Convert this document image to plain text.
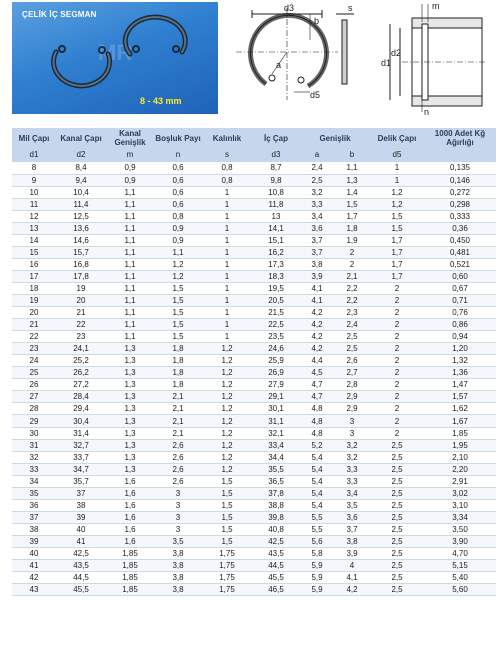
MR
ÇELİK İÇ SEGMAN
8 - 43 mm
d3
b
s
a
d5
m
d1
d2
n
Mil Çapı	Kanal Çapı	Kanal Genişlik	Boşluk Payı	Kalınlık	İç Çap	Genişlik		Delik Çapı	1000 Adet Kğ Ağırlığı
d1	d2	m	n	s	d3	a	b	d5	
8	8,4	0,9	0,6	0,8	8,7	2,4	1,1	1	0,135
9	9,4	0,9	0,6	0,8	9,8	2,5	1,3	1	0,146
10	10,4	1,1	0,6	1	10,8	3,2	1,4	1,2	0,272
11	11,4	1,1	0,6	1	11,8	3,3	1,5	1,2	0,298
12	12,5	1,1	0,8	1	13	3,4	1,7	1,5	0,333
13	13,6	1,1	0,9	1	14,1	3,6	1,8	1,5	0,36
14	14,6	1,1	0,9	1	15,1	3,7	1,9	1,7	0,450
15	15,7	1,1	1,1	1	16,2	3,7	2	1,7	0,481
16	16,8	1,1	1,2	1	17,3	3,8	2	1,7	0,521
17	17,8	1,1	1,2	1	18,3	3,9	2,1	1,7	0,60
18	19	1,1	1,5	1	19,5	4,1	2,2	2	0,67
19	20	1,1	1,5	1	20,5	4,1	2,2	2	0,71
20	21	1,1	1,5	1	21,5	4,2	2,3	2	0,76
21	22	1,1	1,5	1	22,5	4,2	2,4	2	0,86
22	23	1,1	1,5	1	23,5	4,2	2,5	2	0,94
23	24,1	1,3	1,8	1,2	24,6	4,2	2,5	2	1,20
24	25,2	1,3	1,8	1,2	25,9	4,4	2,6	2	1,32
25	26,2	1,3	1,8	1,2	26,9	4,5	2,7	2	1,36
26	27,2	1,3	1,8	1,2	27,9	4,7	2,8	2	1,47
27	28,4	1,3	2,1	1,2	29,1	4,7	2,9	2	1,57
28	29,4	1,3	2,1	1,2	30,1	4,8	2,9	2	1,62
29	30,4	1,3	2,1	1,2	31,1	4,8	3	2	1,67
30	31,4	1,3	2,1	1,2	32,1	4,8	3	2	1,85
31	32,7	1,3	2,6	1,2	33,4	5,2	3,2	2,5	1,95
32	33,7	1,3	2,6	1,2	34,4	5,4	3,2	2,5	2,10
33	34,7	1,3	2,6	1,2	35,5	5,4	3,3	2,5	2,20
34	35,7	1,6	2,6	1,5	36,5	5,4	3,3	2,5	2,91
35	37	1,6	3	1,5	37,8	5,4	3,4	2,5	3,02
36	38	1,6	3	1,5	38,8	5,4	3,5	2,5	3,10
37	39	1,6	3	1,5	39,8	5,5	3,6	2,5	3,34
38	40	1,6	3	1,5	40,8	5,5	3,7	2,5	3,50
39	41	1,6	3,5	1,5	42,5	5,6	3,8	2,5	3,90
40	42,5	1,85	3,8	1,75	43,5	5,8	3,9	2,5	4,70
41	43,5	1,85	3,8	1,75	44,5	5,9	4	2,5	5,15
42	44,5	1,85	3,8	1,75	45,5	5,9	4,1	2,5	5,40
43	45,5	1,85	3,8	1,75	46,5	5,9	4,2	2,5	5,60
